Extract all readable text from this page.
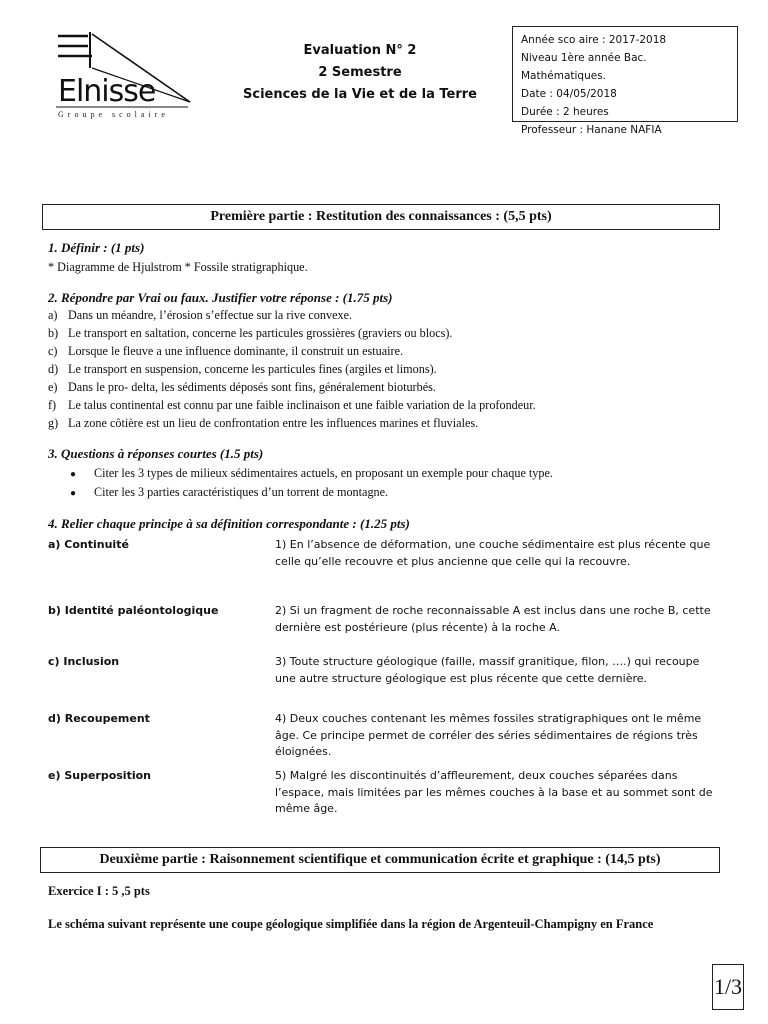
Elnisse
Groupe scolaire
Evaluation N° 2
2 Semestre
Sciences de la Vie et de la Terre
Année sco aire : 2017-2018
Niveau 1ère année Bac. Mathématiques.
Date : 04/05/2018
Durée : 2 heures
Professeur : Hanane NAFIA
Première partie : Restitution des connaissances : (5,5 pts)
1. Définir : (1 pts)
* Diagramme de Hjulstrom * Fossile stratigraphique.
2. Répondre par Vrai ou faux. Justifier votre réponse : (1.75 pts)
a) Dans un méandre, l’érosion s’effectue sur la rive convexe.
b) Le transport en saltation, concerne les particules grossières (graviers ou blocs).
c) Lorsque le fleuve a une influence dominante, il construit un estuaire.
d) Le transport en suspension, concerne les particules fines (argiles et limons).
e) Dans le pro- delta, les sédiments déposés sont fins, généralement bioturbés.
f) Le talus continental est connu par une faible inclinaison et une faible variation de la profondeur.
g) La zone côtière est un lieu de confrontation entre les influences marines et fluviales.
3. Questions à réponses courtes (1.5 pts)
● Citer les 3 types de milieux sédimentaires actuels, en proposant un exemple pour chaque type.
● Citer les 3 parties caractéristiques d’un torrent de montagne.
4. Relier chaque principe à sa définition correspondante : (1.25 pts)
a) Continuité	1) En l’absence de déformation, une couche sédimentaire est plus récente que celle qu’elle recouvre et plus ancienne que celle qui la recouvre.
b) Identité paléontologique	2) Si un fragment de roche reconnaissable A est inclus dans une roche B, cette dernière est postérieure (plus récente) à la roche A.
c) Inclusion	3) Toute structure géologique (faille, massif granitique, filon, ….) qui recoupe une autre structure géologique est plus récente que cette dernière.
d) Recoupement	4) Deux couches contenant les mêmes fossiles stratigraphiques ont le même âge. Ce principe permet de corréler des séries sédimentaires de régions très éloignées.
e) Superposition	5) Malgré les discontinuités d’affleurement, deux couches séparées dans l’espace, mais limitées par les mêmes couches à la base et au sommet sont de même âge.
Deuxième partie : Raisonnement scientifique et communication écrite et graphique : (14,5 pts)
Exercice I : 5 ,5 pts
Le schéma suivant représente une coupe géologique simplifiée dans la région de Argenteuil-Champigny en France
1/3
